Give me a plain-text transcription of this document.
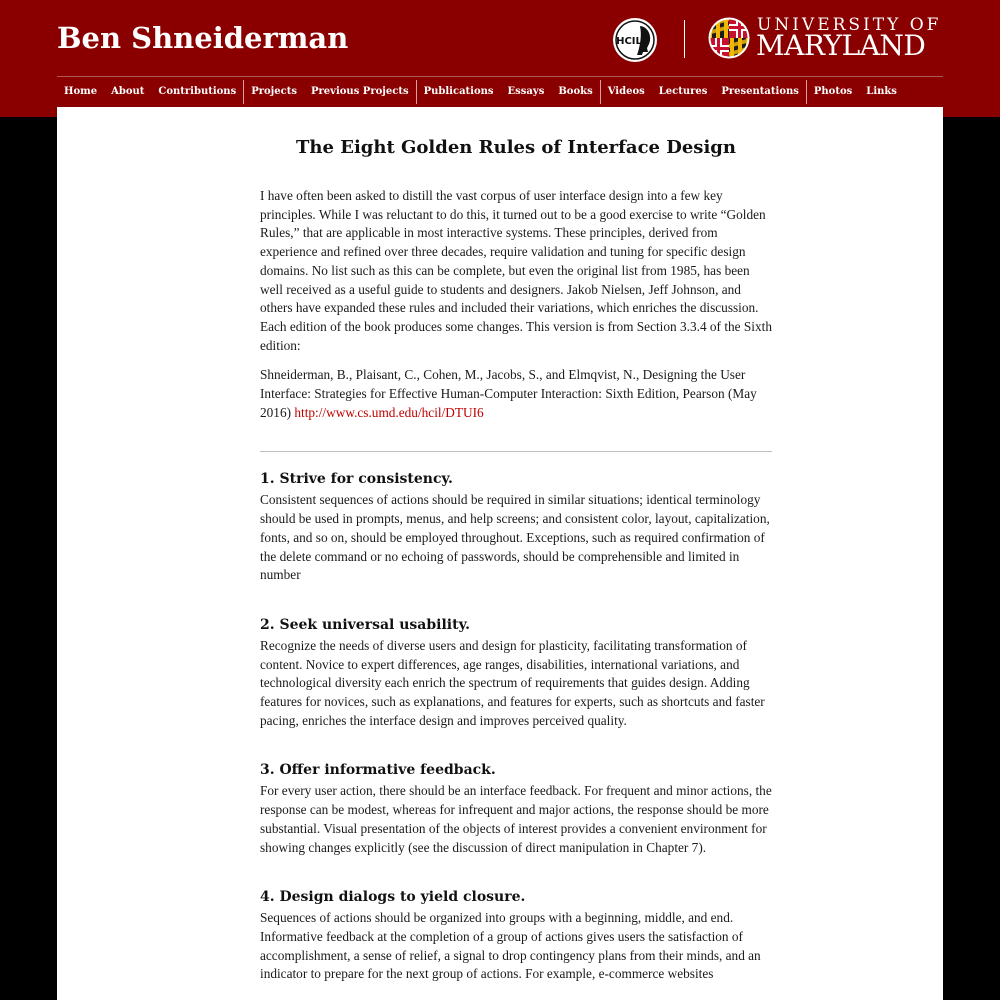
Ben Shneiderman	HCIL
UNIVERSITY OF
MARYLAND
Home	About	Contributions	Projects	Previous Projects	Publications	Essays	Books	Videos	Lectures	Presentations	Photos	Links
The Eight Golden Rules of Interface Design

I have often been asked to distill the vast corpus of user interface design into a few key principles. While I was reluctant to do this, it turned out to be a good exercise to write “Golden Rules,” that are applicable in most interactive systems. These principles, derived from experience and refined over three decades, require validation and tuning for specific design domains. No list such as this can be complete, but even the original list from 1985, has been well received as a useful guide to students and designers. Jakob Nielsen, Jeff Johnson, and others have expanded these rules and included their variations, which enriches the discussion. Each edition of the book produces some changes. This version is from Section 3.3.4 of the Sixth edition:

Shneiderman, B., Plaisant, C., Cohen, M., Jacobs, S., and Elmqvist, N., Designing the User Interface: Strategies for Effective Human-Computer Interaction: Sixth Edition, Pearson (May 2016) http://www.cs.umd.edu/hcil/DTUI6

1. Strive for consistency.

Consistent sequences of actions should be required in similar situations; identical terminology should be used in prompts, menus, and help screens; and consistent color, layout, capitalization, fonts, and so on, should be employed throughout. Exceptions, such as required confirmation of the delete command or no echoing of passwords, should be comprehensible and limited in number

2. Seek universal usability.

Recognize the needs of diverse users and design for plasticity, facilitating transformation of content. Novice to expert differences, age ranges, disabilities, international variations, and technological diversity each enrich the spectrum of requirements that guides design. Adding features for novices, such as explanations, and features for experts, such as shortcuts and faster pacing, enriches the interface design and improves perceived quality.

3. Offer informative feedback.

For every user action, there should be an interface feedback. For frequent and minor actions, the response can be modest, whereas for infrequent and major actions, the response should be more substantial. Visual presentation of the objects of interest provides a convenient environment for showing changes explicitly (see the discussion of direct manipulation in Chapter 7).

4. Design dialogs to yield closure.

Sequences of actions should be organized into groups with a beginning, middle, and end. Informative feedback at the completion of a group of actions gives users the satisfaction of accomplishment, a sense of relief, a signal to drop contingency plans from their minds, and an indicator to prepare for the next group of actions. For example, e-commerce websites
